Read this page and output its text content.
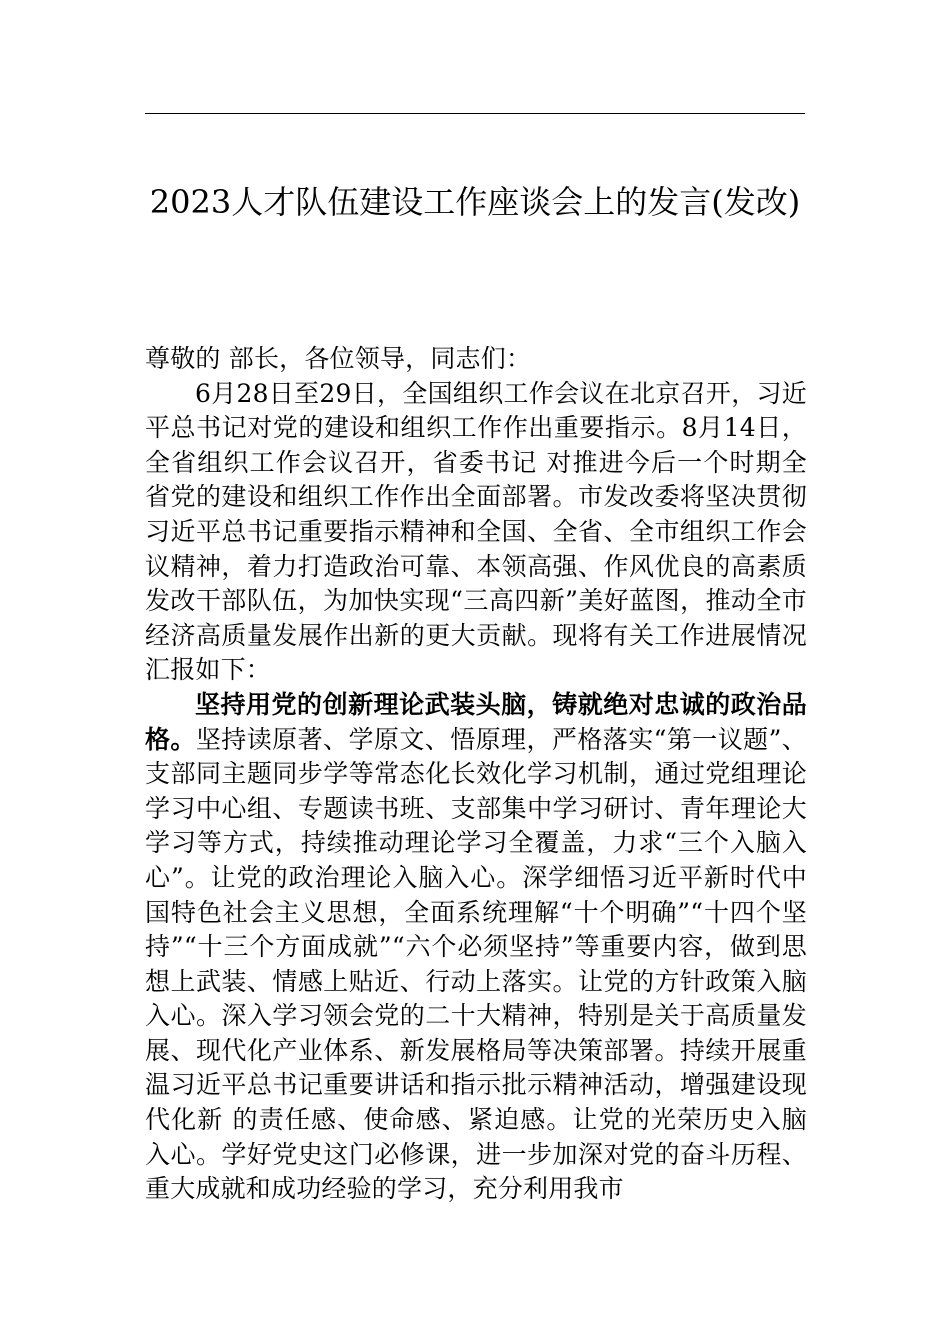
2023人才队伍建设工作座谈会上的发言(发改)

尊敬的 部长，各位领导，同志们：

6月28日至29日，全国组织工作会议在北京召开，习近平总书记对党的建设和组织工作作出重要指示。8月14日，全省组织工作会议召开，省委书记 对推进今后一个时期全省党的建设和组织工作作出全面部署。市发改委将坚决贯彻习近平总书记重要指示精神和全国、全省、全市组织工作会议精神，着力打造政治可靠、本领高强、作风优良的高素质发改干部队伍，为加快实现“三高四新”美好蓝图，推动全市经济高质量发展作出新的更大贡献。现将有关工作进展情况汇报如下：

坚持用党的创新理论武装头脑，铸就绝对忠诚的政治品格。坚持读原著、学原文、悟原理，严格落实“第一议题”、支部同主题同步学等常态化长效化学习机制，通过党组理论学习中心组、专题读书班、支部集中学习研讨、青年理论大学习等方式，持续推动理论学习全覆盖，力求“三个入脑入心”。让党的政治理论入脑入心。深学细悟习近平新时代中国特色社会主义思想，全面系统理解“十个明确”“十四个坚持”“十三个方面成就”“六个必须坚持”等重要内容，做到思想上武装、情感上贴近、行动上落实。让党的方针政策入脑入心。深入学习领会党的二十大精神，特别是关于高质量发展、现代化产业体系、新发展格局等决策部署。持续开展重温习近平总书记重要讲话和指示批示精神活动，增强建设现代化新 的责任感、使命感、紧迫感。让党的光荣历史入脑入心。学好党史这门必修课，进一步加深对党的奋斗历程、重大成就和成功经验的学习，充分利用我市
